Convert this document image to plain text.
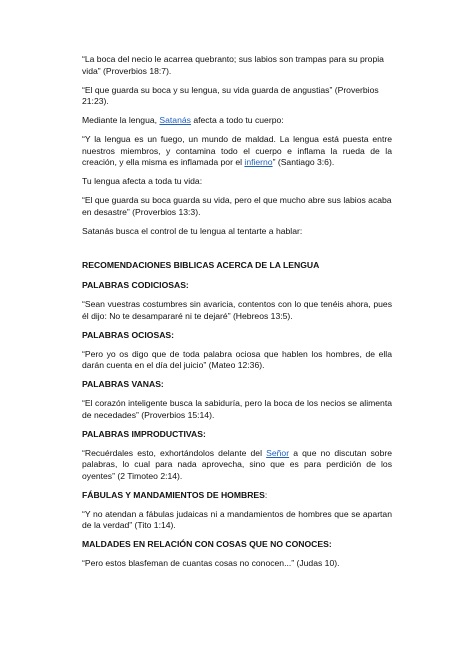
“La boca del necio le acarrea quebranto; sus labios son trampas para su propia vida” (Proverbios 18:7).

“El que guarda su boca y su lengua, su vida guarda de angustias” (Proverbios 21:23).

Mediante la lengua, Satanás afecta a todo tu cuerpo:

“Y la lengua es un fuego, un mundo de maldad. La lengua está puesta entre nuestros miembros, y contamina todo el cuerpo e inflama la rueda de la creación, y ella misma es inflamada por el infierno” (Santiago 3:6).

Tu lengua afecta a toda tu vida:

“El que guarda su boca guarda su vida, pero el que mucho abre sus labios acaba en desastre” (Proverbios 13:3).

Satanás busca el control de tu lengua al tentarte a hablar:

RECOMENDACIONES BIBLICAS ACERCA DE LA LENGUA
PALABRAS CODICIOSAS:

“Sean vuestras costumbres sin avaricia, contentos con lo que tenéis ahora, pues él dijo: No te desampararé ni te dejaré” (Hebreos 13:5).

PALABRAS OCIOSAS:

“Pero yo os digo que de toda palabra ociosa que hablen los hombres, de ella darán cuenta en el día del juicio” (Mateo 12:36).

PALABRAS VANAS:

“El corazón inteligente busca la sabiduría, pero la boca de los necios se alimenta de necedades” (Proverbios 15:14).

PALABRAS IMPRODUCTIVAS:

“Recuérdales esto, exhortándolos delante del Señor a que no discutan sobre palabras, lo cual para nada aprovecha, sino que es para perdición de los oyentes” (2 Timoteo 2:14).

FÁBULAS Y MANDAMIENTOS DE HOMBRES:

“Y no atendan a fábulas judaicas ni a mandamientos de hombres que se apartan de la verdad” (Tito 1:14).

MALDADES EN RELACIÓN CON COSAS QUE NO CONOCES:

“Pero estos blasfeman de cuantas cosas no conocen...” (Judas 10).
